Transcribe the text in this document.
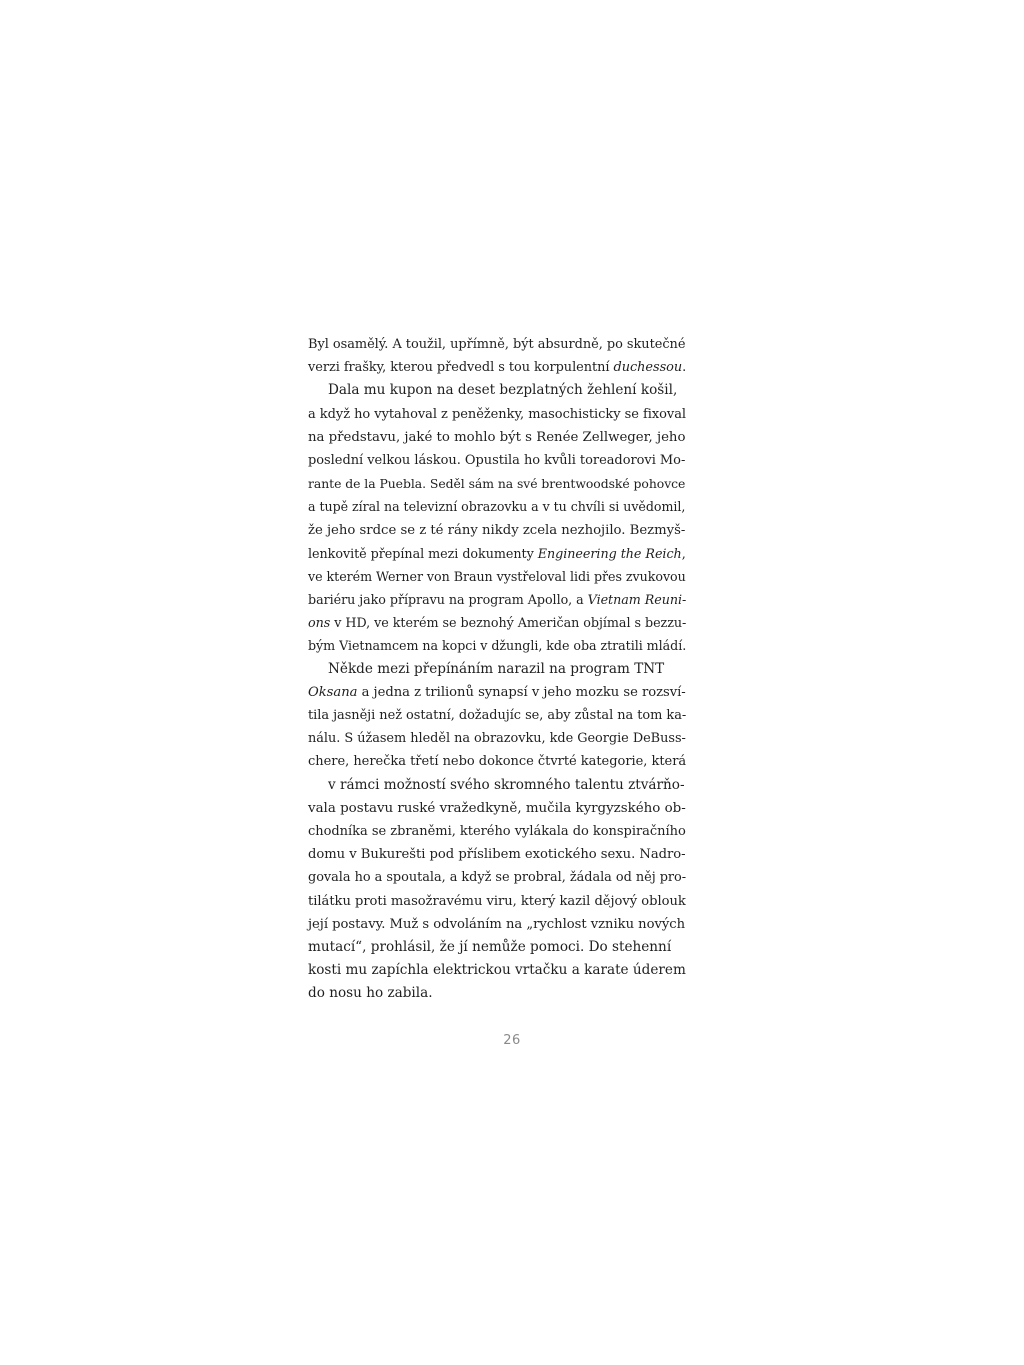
Byl osamělý. A toužil, upřímně, být absurdně, po skutečné
verzi frašky, kterou předvedl s tou korpulentní duchessou.
Dala mu kupon na deset bezplatných žehlení košil,
a když ho vytahoval z peněženky, masochisticky se fixoval
na představu, jaké to mohlo být s Renée Zellweger, jeho
poslední velkou láskou. Opustila ho kvůli toreadorovi Mo-
rante de la Puebla. Seděl sám na své brentwoodské pohovce
a tupě zíral na televizní obrazovku a v tu chvíli si uvědomil,
že jeho srdce se z té rány nikdy zcela nezhojilo. Bezmyš-
lenkovitě přepínal mezi dokumenty Engineering the Reich,
ve kterém Werner von Braun vystřeloval lidi přes zvukovou
bariéru jako přípravu na program Apollo, a Vietnam Reuni-
ons v HD, ve kterém se beznohý Američan objímal s bezzu-
bým Vietnamcem na kopci v džungli, kde oba ztratili mládí.
Někde mezi přepínáním narazil na program TNT
Oksana a jedna z trilionů synapsí v jeho mozku se rozsví-
tila jasněji než ostatní, dožadujíc se, aby zůstal na tom ka-
nálu. S úžasem hleděl na obrazovku, kde Georgie DeBuss-
chere, herečka třetí nebo dokonce čtvrté kategorie, která
v rámci možností svého skromného talentu ztvárňo-
vala postavu ruské vražedkyně, mučila kyrgyzského ob-
chodníka se zbraněmi, kterého vylákala do konspiračního
domu v Bukurešti pod příslibem exotického sexu. Nadro-
govala ho a spoutala, a když se probral, žádala od něj pro-
tilátku proti masožravému viru, který kazil dějový oblouk
její postavy. Muž s odvoláním na „rychlost vzniku nových
mutací“, prohlásil, že jí nemůže pomoci. Do stehenní
kosti mu zapíchla elektrickou vrtačku a karate úderem
do nosu ho zabila.
26
